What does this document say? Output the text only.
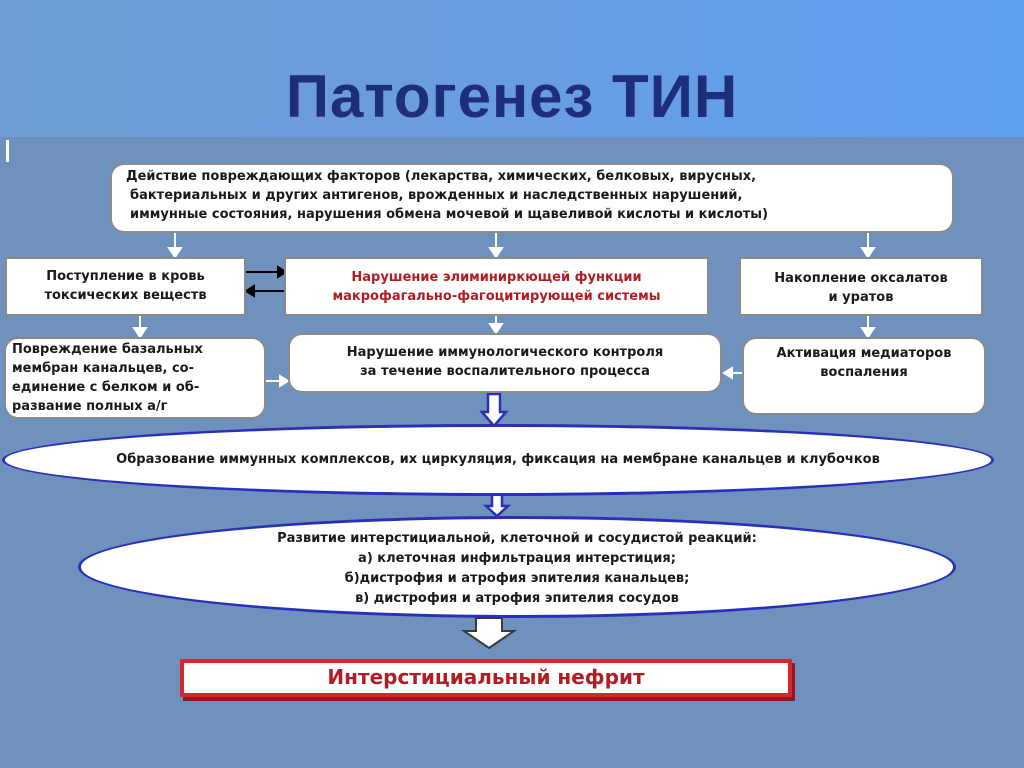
Патогенез ТИН
Действие повреждающих факторов (лекарства, химических, белковых, вирусных,
бактериальных и других антигенов, врожденных и наследственных нарушений,
иммунные состояния, нарушения обмена мочевой и щавеливой кислоты и кислоты)
Поступление в кровь
токсических веществ
Нарушение элиминиркющей функции
макрофагально-фагоцитирующей системы
Накопление оксалатов
и уратов
Повреждение базальных
мембран канальцев, со-
единение с белком и об-
развание полных а/г
Нарушение иммунологического контроля
за течение воспалительного процесса
Активация медиаторов
воспаления
Образование иммунных комплексов, их циркуляция, фиксация на мембране канальцев и клубочков
Развитие интерстициальной, клеточной и сосудистой реакций:
а) клеточная инфильтрация интерстиция;
б)дистрофия и атрофия эпителия канальцев;
в) дистрофия и атрофия эпителия сосудов
Интерстициальный нефрит
